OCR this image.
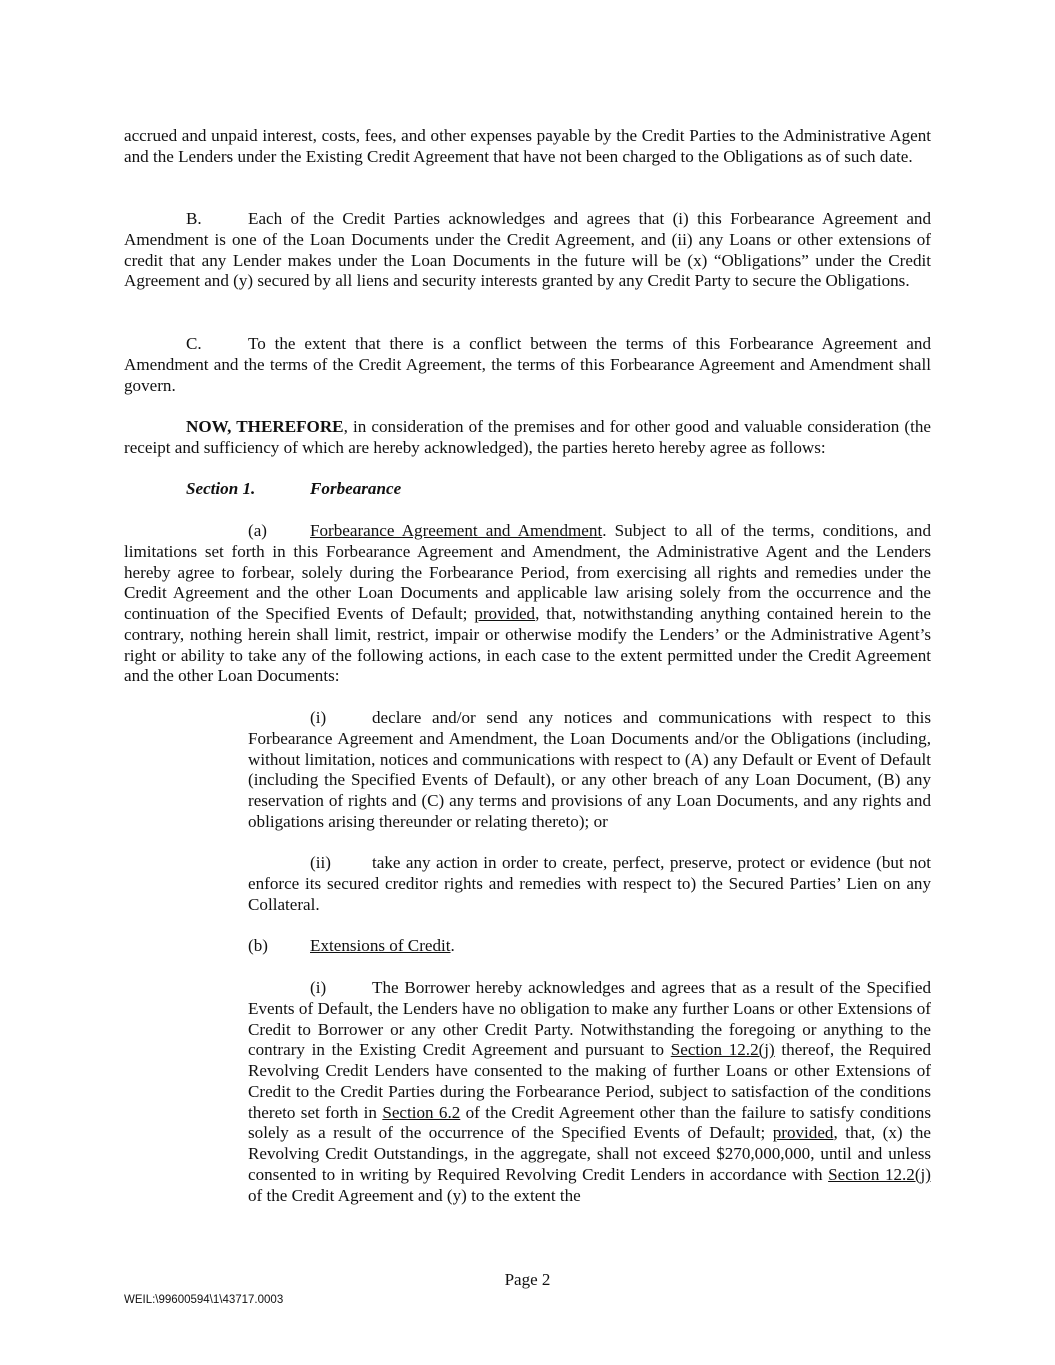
accrued and unpaid interest, costs, fees, and other expenses payable by the Credit Parties to the Administrative Agent and the Lenders under the Existing Credit Agreement that have not been charged to the Obligations as of such date.

B.	Each of the Credit Parties acknowledges and agrees that (i) this Forbearance Agreement and Amendment is one of the Loan Documents under the Credit Agreement, and (ii) any Loans or other extensions of credit that any Lender makes under the Loan Documents in the future will be (x) “Obligations” under the Credit Agreement and (y) secured by all liens and security interests granted by any Credit Party to secure the Obligations.

C.	To the extent that there is a conflict between the terms of this Forbearance Agreement and Amendment and the terms of the Credit Agreement, the terms of this Forbearance Agreement and Amendment shall govern.

NOW, THEREFORE, in consideration of the premises and for other good and valuable consideration (the receipt and sufficiency of which are hereby acknowledged), the parties hereto hereby agree as follows:

Section 1.	Forbearance

(a)	Forbearance Agreement and Amendment. Subject to all of the terms, conditions, and limitations set forth in this Forbearance Agreement and Amendment, the Administrative Agent and the Lenders hereby agree to forbear, solely during the Forbearance Period, from exercising all rights and remedies under the Credit Agreement and the other Loan Documents and applicable law arising solely from the occurrence and the continuation of the Specified Events of Default; provided, that, notwithstanding anything contained herein to the contrary, nothing herein shall limit, restrict, impair or otherwise modify the Lenders’ or the Administrative Agent’s right or ability to take any of the following actions, in each case to the extent permitted under the Credit Agreement and the other Loan Documents:

(i)	declare and/or send any notices and communications with respect to this Forbearance Agreement and Amendment, the Loan Documents and/or the Obligations (including, without limitation, notices and communications with respect to (A) any Default or Event of Default (including the Specified Events of Default), or any other breach of any Loan Document, (B) any reservation of rights and (C) any terms and provisions of any Loan Documents, and any rights and obligations arising thereunder or relating thereto); or

(ii) take any action in order to create, perfect, preserve, protect or evidence (but not enforce its secured creditor rights and remedies with respect to) the Secured Parties’ Lien on any Collateral.

(b) Extensions of Credit.

(i)	The Borrower hereby acknowledges and agrees that as a result of the Specified Events of Default, the Lenders have no obligation to make any further Loans or other Extensions of Credit to Borrower or any other Credit Party. Notwithstanding the foregoing or anything to the contrary in the Existing Credit Agreement and pursuant to Section 12.2(j) thereof, the Required Revolving Credit Lenders have consented to the making of further Loans or other Extensions of Credit to the Credit Parties during the Forbearance Period, subject to satisfaction of the conditions thereto set forth in Section 6.2 of the Credit Agreement other than the failure to satisfy conditions solely as a result of the occurrence of the Specified Events of Default; provided, that, (x) the Revolving Credit Outstandings, in the aggregate, shall not exceed $270,000,000, until and unless consented to in writing by Required Revolving Credit Lenders in accordance with Section 12.2(j) of the Credit Agreement and (y) to the extent the

Page 2
WEIL:\99600594\1\43717.0003
